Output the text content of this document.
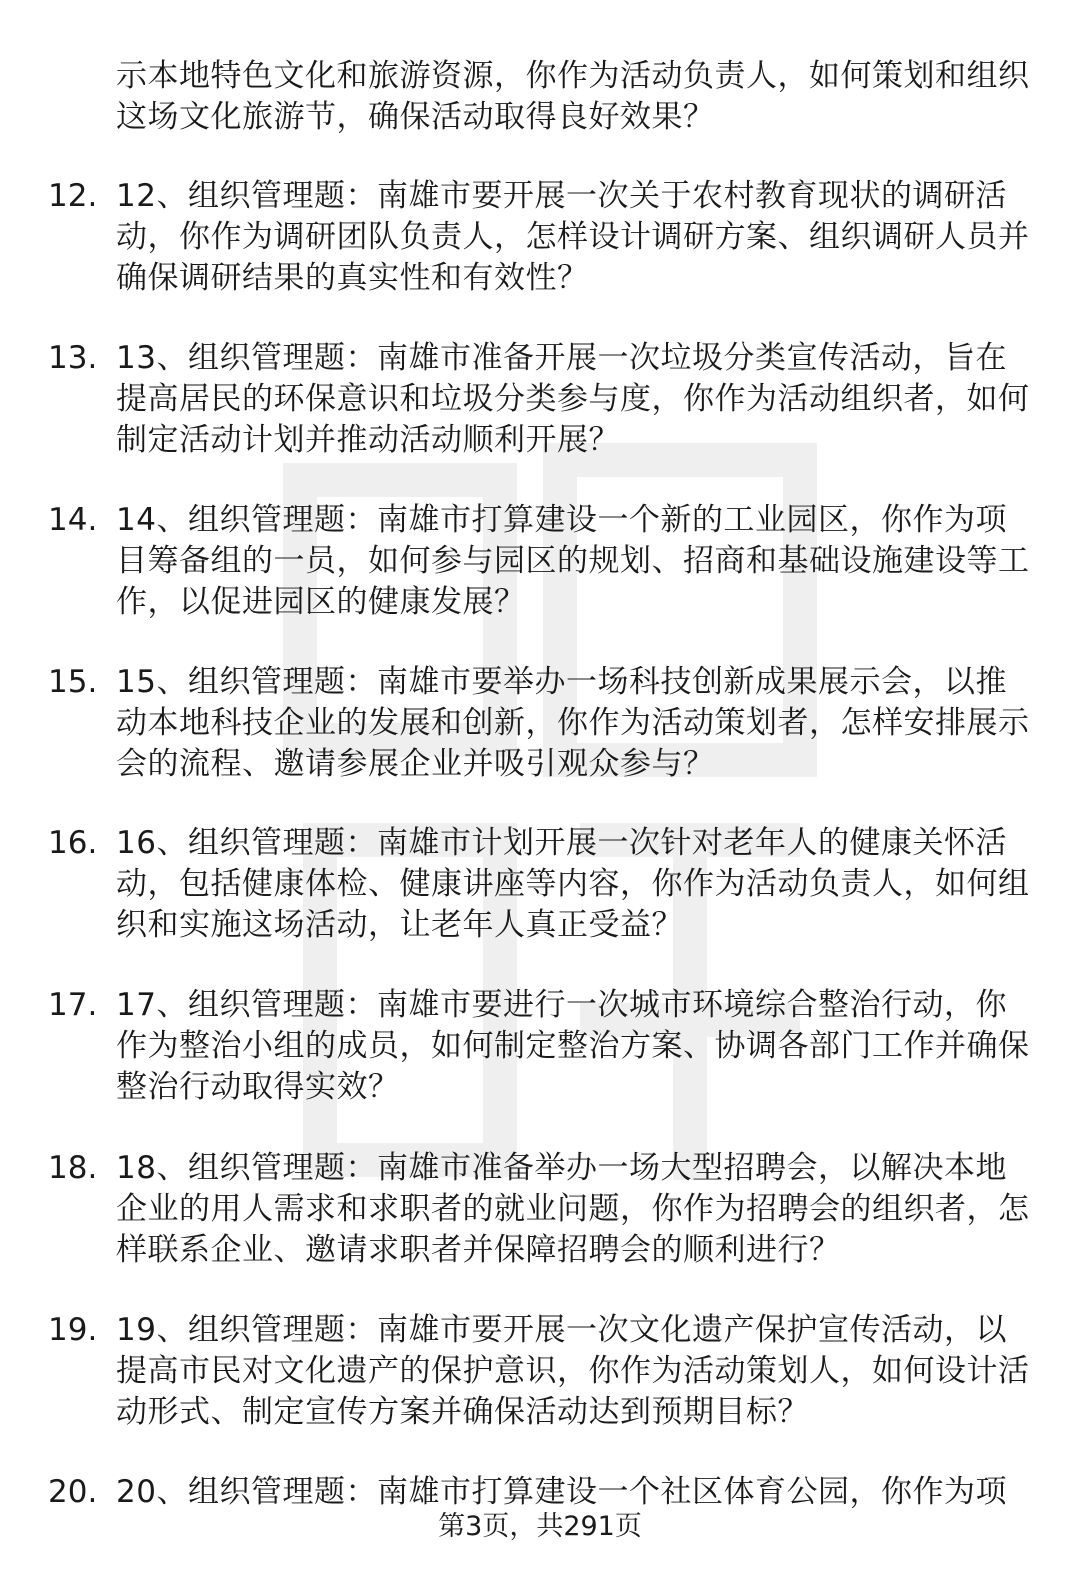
示本地特色文化和旅游资源，你作为活动负责人，如何策划和组织这场文化旅游节，确保活动取得良好效果？
12. 12、组织管理题：南雄市要开展一次关于农村教育现状的调研活动，你作为调研团队负责人，怎样设计调研方案、组织调研人员并确保调研结果的真实性和有效性？
13. 13、组织管理题：南雄市准备开展一次垃圾分类宣传活动，旨在提高居民的环保意识和垃圾分类参与度，你作为活动组织者，如何制定活动计划并推动活动顺利开展？
14. 14、组织管理题：南雄市打算建设一个新的工业园区，你作为项目筹备组的一员，如何参与园区的规划、招商和基础设施建设等工作，以促进园区的健康发展？
15. 15、组织管理题：南雄市要举办一场科技创新成果展示会，以推动本地科技企业的发展和创新，你作为活动策划者，怎样安排展示会的流程、邀请参展企业并吸引观众参与？
16. 16、组织管理题：南雄市计划开展一次针对老年人的健康关怀活动，包括健康体检、健康讲座等内容，你作为活动负责人，如何组织和实施这场活动，让老年人真正受益？
17. 17、组织管理题：南雄市要进行一次城市环境综合整治行动，你作为整治小组的成员，如何制定整治方案、协调各部门工作并确保整治行动取得实效？
18. 18、组织管理题：南雄市准备举办一场大型招聘会，以解决本地企业的用人需求和求职者的就业问题，你作为招聘会的组织者，怎样联系企业、邀请求职者并保障招聘会的顺利进行？
19. 19、组织管理题：南雄市要开展一次文化遗产保护宣传活动，以提高市民对文化遗产的保护意识，你作为活动策划人，如何设计活动形式、制定宣传方案并确保活动达到预期目标？
20. 20、组织管理题：南雄市打算建设一个社区体育公园，你作为项
第3页，共291页
